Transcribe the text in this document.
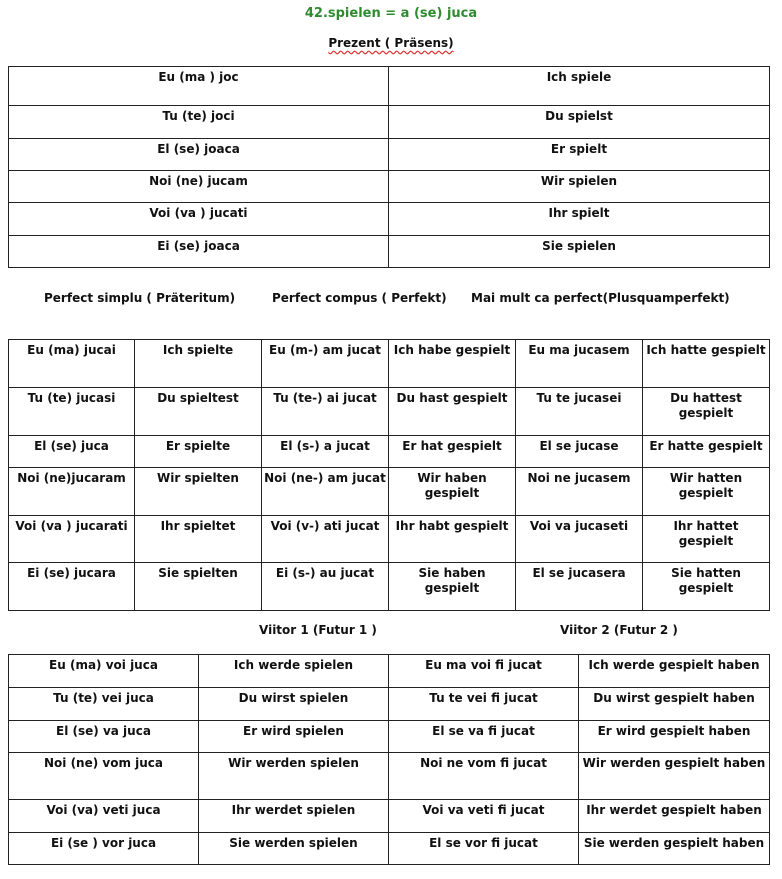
42.spielen = a (se) juca
Prezent ( Präsens)
Eu (ma ) joc	Ich spiele
Tu (te) joci	Du spielst
El (se) joaca	Er spielt
Noi (ne) jucam	Wir spielen
Voi (va ) jucati	Ihr spielt
Ei (se) joaca	Sie spielen
Perfect simplu ( Präteritum)	Perfect compus ( Perfekt) Mai mult ca perfect(Plusquamperfekt)
Eu (ma) jucai	Ich spielte	Eu (m-) am jucat	Ich habe gespielt	Eu ma jucasem	Ich hatte gespielt
Tu (te) jucasi	Du spieltest	Tu (te-) ai jucat	Du hast gespielt	Tu te jucasei	Du hattest gespielt
El (se) juca	Er spielte	El (s-) a jucat	Er hat gespielt	El se jucase	Er hatte gespielt
Noi (ne)jucaram	Wir spielten	Noi (ne-) am jucat	Wir haben gespielt	Noi ne jucasem	Wir hatten gespielt
Voi (va ) jucarati	Ihr spieltet	Voi (v-) ati jucat	Ihr habt gespielt	Voi va jucaseti	Ihr hattet gespielt
Ei (se) jucara	Sie spielten	Ei (s-) au jucat	Sie haben gespielt	El se jucasera	Sie hatten gespielt
Viitor 1 (Futur 1 )	Viitor 2 (Futur 2 )
Eu (ma) voi juca	Ich werde spielen	Eu ma voi fi jucat	Ich werde gespielt haben
Tu (te) vei juca	Du wirst spielen	Tu te vei fi jucat	Du wirst gespielt haben
El (se) va juca	Er wird spielen	El se va fi jucat	Er wird gespielt haben
Noi (ne) vom juca	Wir werden spielen	Noi ne vom fi jucat	Wir werden gespielt haben
Voi (va) veti juca	Ihr werdet spielen	Voi va veti fi jucat	Ihr werdet gespielt haben
Ei (se ) vor juca	Sie werden spielen	El se vor fi jucat	Sie werden gespielt haben
